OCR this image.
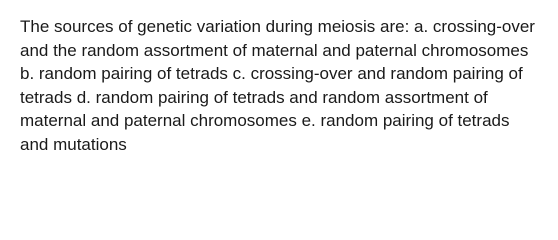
The sources of genetic variation during meiosis are: a. crossing-over and the random assortment of maternal and paternal chromosomes b. random pairing of tetrads c. crossing-over and random pairing of tetrads d. random pairing of tetrads and random assortment of maternal and paternal chromosomes e. random pairing of tetrads and mutations
